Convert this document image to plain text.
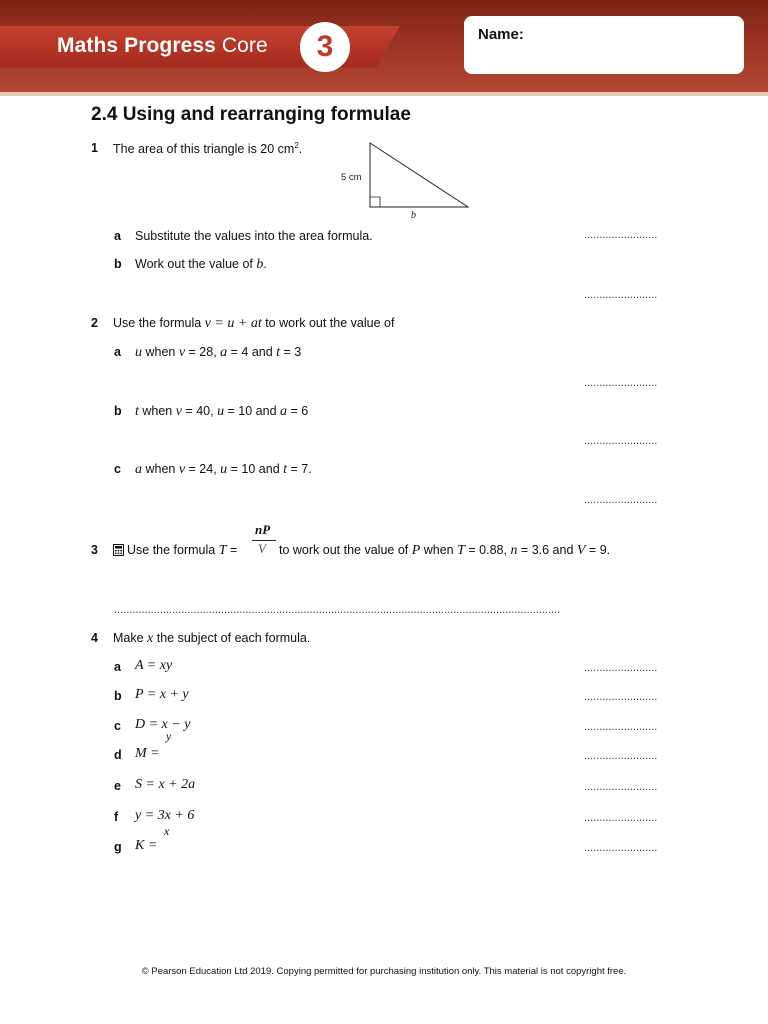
Maths Progress Core	3	Name:
2.4 Using and rearranging formulae
1 The area of this triangle is 20 $cm^2$.
5 cm
b
a Substitute the values into the area formula.	........................
b Work out the value of b.
........................
2 Use the formula v = u + at to work out the value of
a u when v = 28, a = 4 and t = 3
........................
b t when v = 40, u = 10 and a = 6
........................
c a when v = 24, u = 10 and t = 7.
........................
3	Use the formula T =
nP
V to work out the value of P when T = 0.88, n = 3.6 and V = 9.
..................................................................................................................................................
4 Make x the subject of each formula.
a A = xy	........................
b P = x + y	........................
c D = x − y	........................
y
d M =	........................
e S = x + 2a	........................
f y = 3x + 6	........................
x
g K =	........................
© Pearson Education Ltd 2019. Copying permitted for purchasing institution only. This material is not copyright free.
